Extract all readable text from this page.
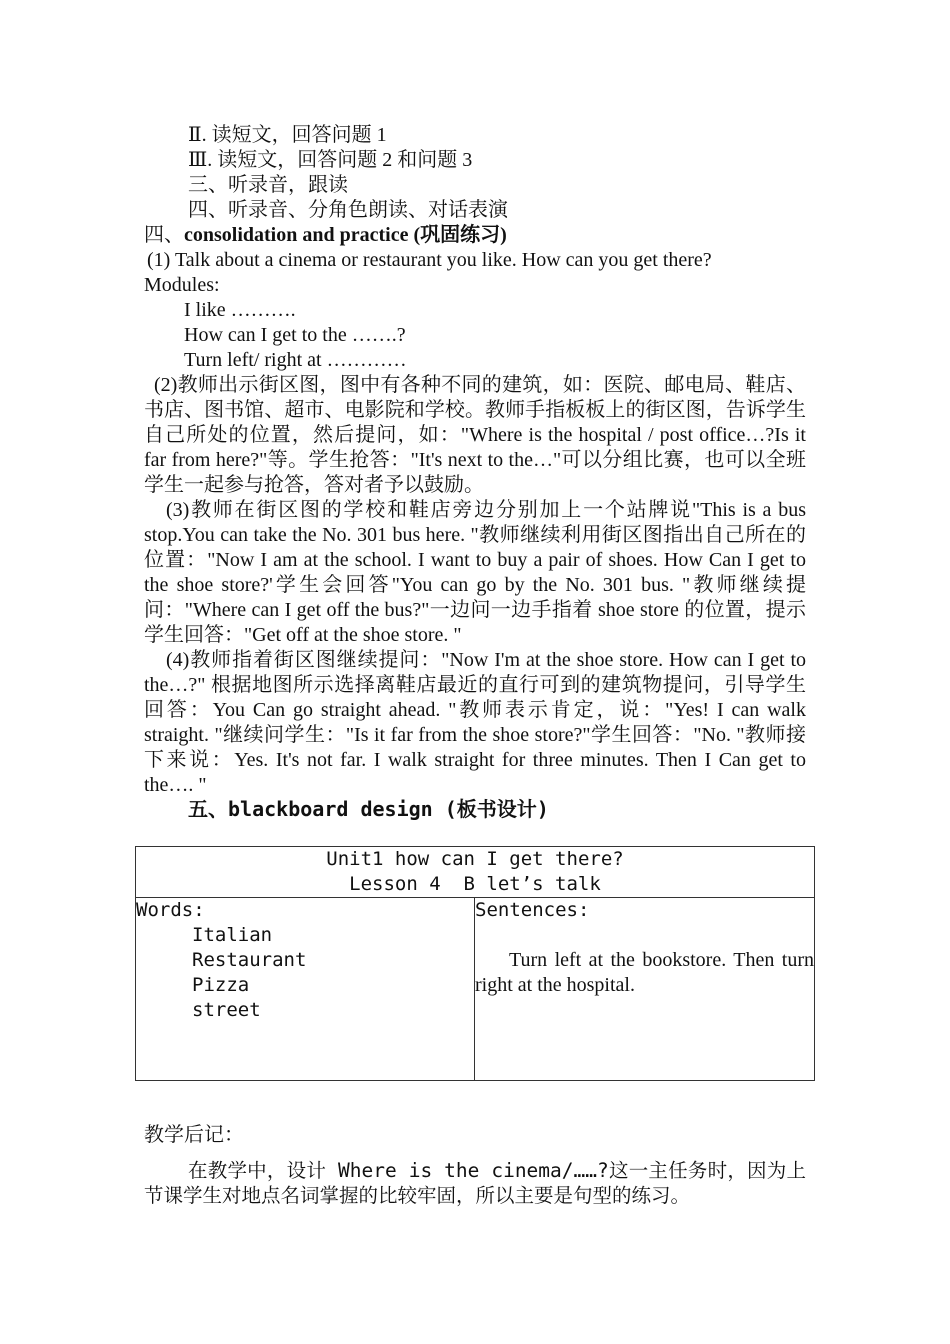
Ⅱ. 读短文，回答问题 1
Ⅲ. 读短文，回答问题 2 和问题 3
三、听录音，跟读
四、听录音、分角色朗读、对话表演
四、consolidation and practice (巩固练习)
(1) Talk about a cinema or restaurant you like. How can you get there?
Modules:
I like ……….
How can I get to the …….?
Turn left/ right at …………
(2)教师出示街区图，图中有各种不同的建筑，如：医院、邮电局、鞋店、书店、图书馆、超市、电影院和学校。教师手指板板上的街区图，告诉学生自己所处的位置，然后提问，如："Where is the hospital / post office…?Is it far from here?"等。学生抢答："It's next to the…"可以分组比赛，也可以全班学生一起参与抢答，答对者予以鼓励。
(3)教师在街区图的学校和鞋店旁边分别加上一个站牌说"This is a bus stop.You can take the No. 301 bus here. "教师继续利用街区图指出自己所在的位置："Now I am at the school. I want to buy a pair of shoes. How Can I get to the shoe store?'学生会回答"You can go by the No. 301 bus. "教师继续提问："Where can I get off the bus?"一边问一边手指着 shoe store 的位置，提示学生回答："Get off at the shoe store. "
(4)教师指着街区图继续提问："Now I'm at the shoe store. How can I get to the…?" 根据地图所示选择离鞋店最近的直行可到的建筑物提问，引导学生回答：You Can go straight ahead. "教师表示肯定，说："Yes! I can walk straight. "继续问学生："Is it far from the shoe store?"学生回答："No. "教师接下来说：Yes. It's not far. I walk straight for three minutes. Then I Can get to the…. "
五、blackboard design (板书设计)
Unit1 how can I get there?
Lesson 4  B let’s talk

Words:
Italian
Restaurant
Pizza
street

Sentences:
Turn left at the bookstore. Then turn right at the hospital.
教学后记：
在教学中，设计 Where is the cinema/……?这一主任务时，因为上节课学生对地点名词掌握的比较牢固，所以主要是句型的练习。
